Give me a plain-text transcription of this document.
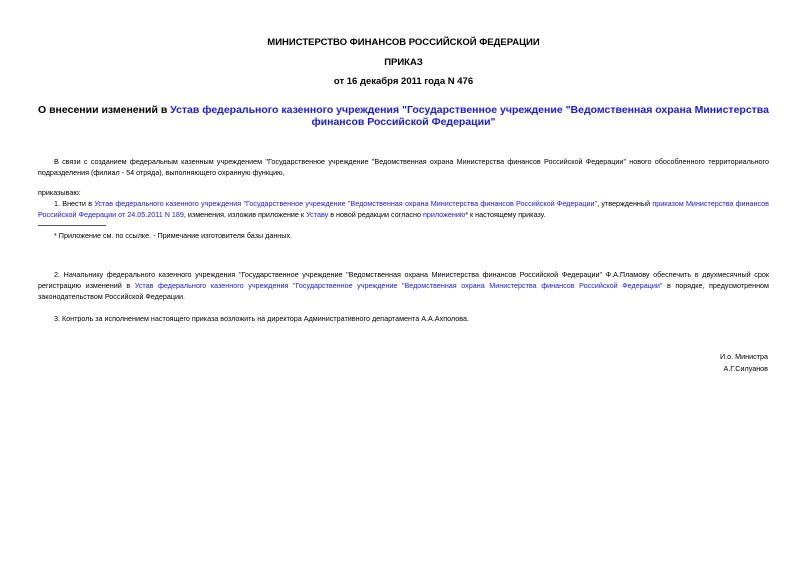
МИНИСТЕРСТВО ФИНАНСОВ РОССИЙСКОЙ ФЕДЕРАЦИИ
ПРИКАЗ
от 16 декабря 2011 года N 476
О внесении изменений в Устав федерального казенного учреждения "Государственное учреждение "Ведомственная охрана Министерства финансов Российской Федерации"
В связи с созданием федеральным казенным учреждением "Государственное учреждение "Ведомственная охрана Министерства финансов Российской Федерации" нового обособленного территориального подразделения (филиал - 54 отряда), выполняющего охранную функцию,
приказываю:
1. Внести в Устав федерального казенного учреждения "Государственное учреждение "Ведомственная охрана Министерства финансов Российской Федерации", утвержденный приказом Министерства финансов Российской Федерации от 24.05.2011 N 189, изменения, изложив приложение к Уставу в новой редакции согласно приложению* к настоящему приказу.
* Приложение см. по ссылке. - Примечание изготовителя базы данных.
2. Начальнику федерального казенного учреждения "Государственное учреждение "Ведомственная охрана Министерства финансов Российской Федерации" Ф.А.Пламову обеспечить в двухмесячный срок регистрацию изменений в Устав федерального казенного учреждения "Государственное учреждение "Ведомственная охрана Министерства финансов Российской Федерации" в порядке, предусмотренном законодательством Российской Федерации.
3. Контроль за исполнением настоящего приказа возложить на директора Административного департамента А.А.Ахполова.
И.о. Министра
А.Г.Силуанов
